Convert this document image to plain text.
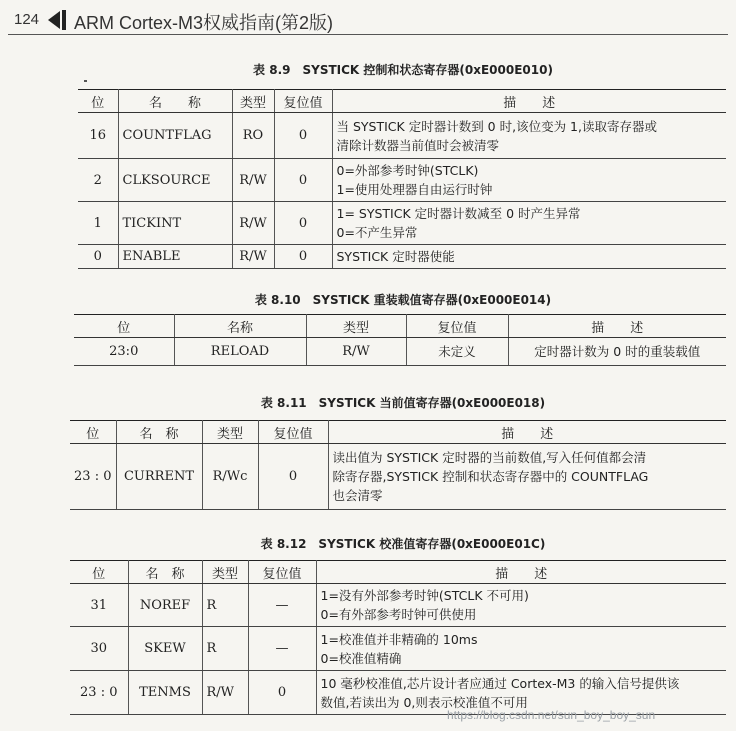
124 ARM Cortex-M3权威指南(第2版)
表 8.9　SYSTICK 控制和状态寄存器(0xE000E010)
位	名　　称	类型	复位值	描　　述
16	COUNTFLAG	RO	0	当 SYSTICK 定时器计数到 0 时,该位变为 1,读取寄存器或
清除计数器当前值时会被清零

2	CLKSOURCE	R/W	0	0=外部参考时钟(STCLK)
1=使用处理器自由运行时钟

1	TICKINT	R/W	0	1= SYSTICK 定时器计数减至 0 时产生异常
0=不产生异常

0	ENABLE	R/W	0	SYSTICK 定时器使能
表 8.10　SYSTICK 重装载值寄存器(0xE000E014)
位	名称	类型	复位值	描　　述
23:0	RELOAD	R/W	未定义	定时器计数为 0 时的重装载值
表 8.11　SYSTICK 当前值寄存器(0xE000E018)
位	名　称	类型	复位值	描　　述
23 : 0	CURRENT	R/Wc	0	读出值为 SYSTICK 定时器的当前数值,写入任何值都会清
除寄存器,SYSTICK 控制和状态寄存器中的 COUNTFLAG
也会清零
表 8.12　SYSTICK 校准值寄存器(0xE000E01C)
位	名　称	类型	复位值	描　　述
31	NOREF	R	—	1=没有外部参考时钟(STCLK 不可用)
0=有外部参考时钟可供使用

30	SKEW	R	—	1=校准值并非精确的 10ms
0=校准值精确

23 : 0	TENMS	R/W	0	10 毫秒校准值,芯片设计者应通过 Cortex-M3 的输入信号提供该
数值,若读出为 0,则表示校准值不可用
https://blog.csdn.net/sun_boy_boy_sun
